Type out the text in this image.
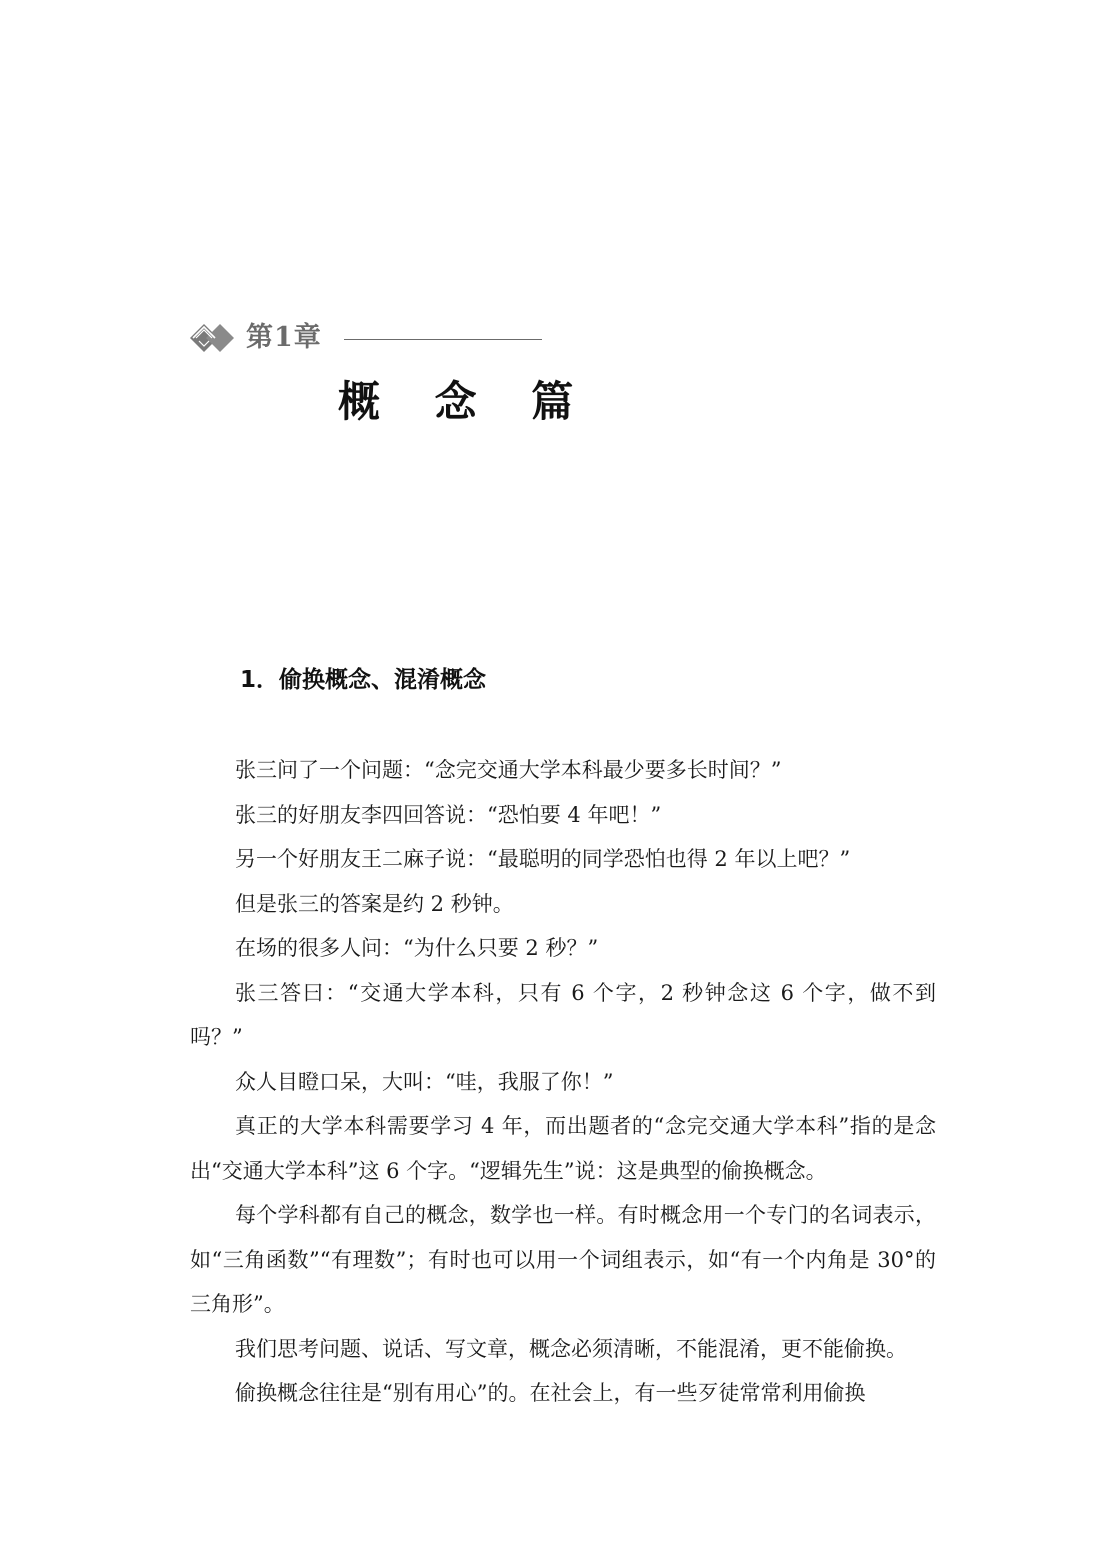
第1章
概 念 篇
1．偷换概念、混淆概念

张三问了一个问题：“念完交通大学本科最少要多长时间？”

张三的好朋友李四回答说：“恐怕要 4 年吧！”

另一个好朋友王二麻子说：“最聪明的同学恐怕也得 2 年以上吧？”

但是张三的答案是约 2 秒钟。

在场的很多人问：“为什么只要 2 秒？”

张三答曰：“交通大学本科，只有 6 个字，2 秒钟念这 6 个字，做不到吗？”

众人目瞪口呆，大叫：“哇，我服了你！”

真正的大学本科需要学习 4 年，而出题者的“念完交通大学本科”指的是念出“交通大学本科”这 6 个字。“逻辑先生”说：这是典型的偷换概念。

每个学科都有自己的概念，数学也一样。有时概念用一个专门的名词表示，如“三角函数”“有理数”；有时也可以用一个词组表示，如“有一个内角是 30°的三角形”。

我们思考问题、说话、写文章，概念必须清晰，不能混淆，更不能偷换。

偷换概念往往是“别有用心”的。在社会上，有一些歹徒常常利用偷换
